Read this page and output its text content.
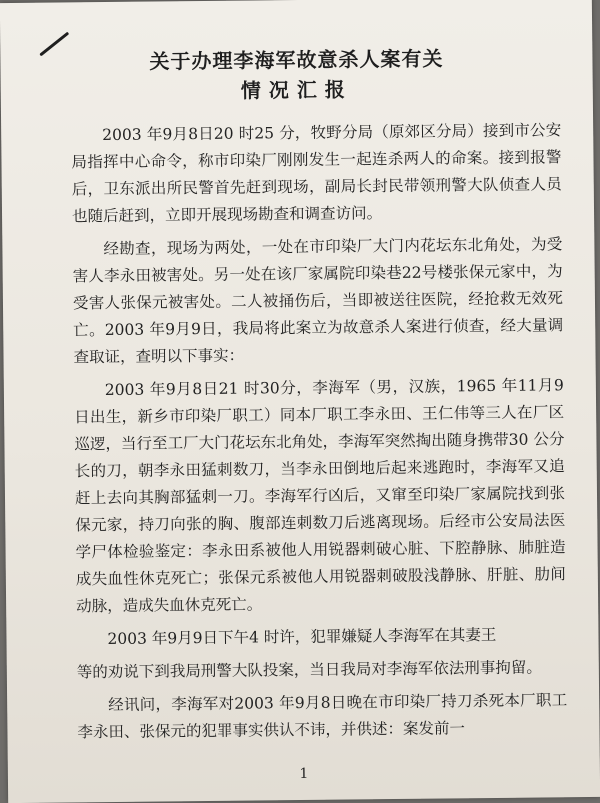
关于办理李海军故意杀人案有关
情况汇报

2003 年9月8日20 时25 分，牧野分局（原郊区分局）接到市公安局指挥中心命令，称市印染厂刚刚发生一起连杀两人的命案。接到报警后，卫东派出所民警首先赶到现场，副局长封民带领刑警大队侦查人员也随后赶到，立即开展现场勘查和调查访问。

经勘查，现场为两处，一处在市印染厂大门内花坛东北角处，为受害人李永田被害处。另一处在该厂家属院印染巷22号楼张保元家中，为受害人张保元被害处。二人被捅伤后，当即被送往医院，经抢救无效死亡。2003 年9月9日，我局将此案立为故意杀人案进行侦查，经大量调查取证，查明以下事实：

2003 年9月8日21 时30分，李海军（男，汉族，1965 年11月9日出生，新乡市印染厂职工）同本厂职工李永田、王仁伟等三人在厂区巡逻，当行至工厂大门花坛东北角处，李海军突然掏出随身携带30 公分长的刀，朝李永田猛刺数刀，当李永田倒地后起来逃跑时，李海军又追赶上去向其胸部猛刺一刀。李海军行凶后，又窜至印染厂家属院找到张保元家，持刀向张的胸、腹部连刺数刀后逃离现场。后经市公安局法医学尸体检验鉴定：李永田系被他人用锐器刺破心脏、下腔静脉、肺脏造成失血性休克死亡；张保元系被他人用锐器刺破股浅静脉、肝脏、肋间动脉，造成失血休克死亡。

2003 年9月9日下午4 时许，犯罪嫌疑人李海军在其妻王

等的劝说下到我局刑警大队投案，当日我局对李海军依法刑事拘留。

经讯问，李海军对2003 年9月8日晚在市印染厂持刀杀死本厂职工李永田、张保元的犯罪事实供认不讳，并供述：案发前一

1
